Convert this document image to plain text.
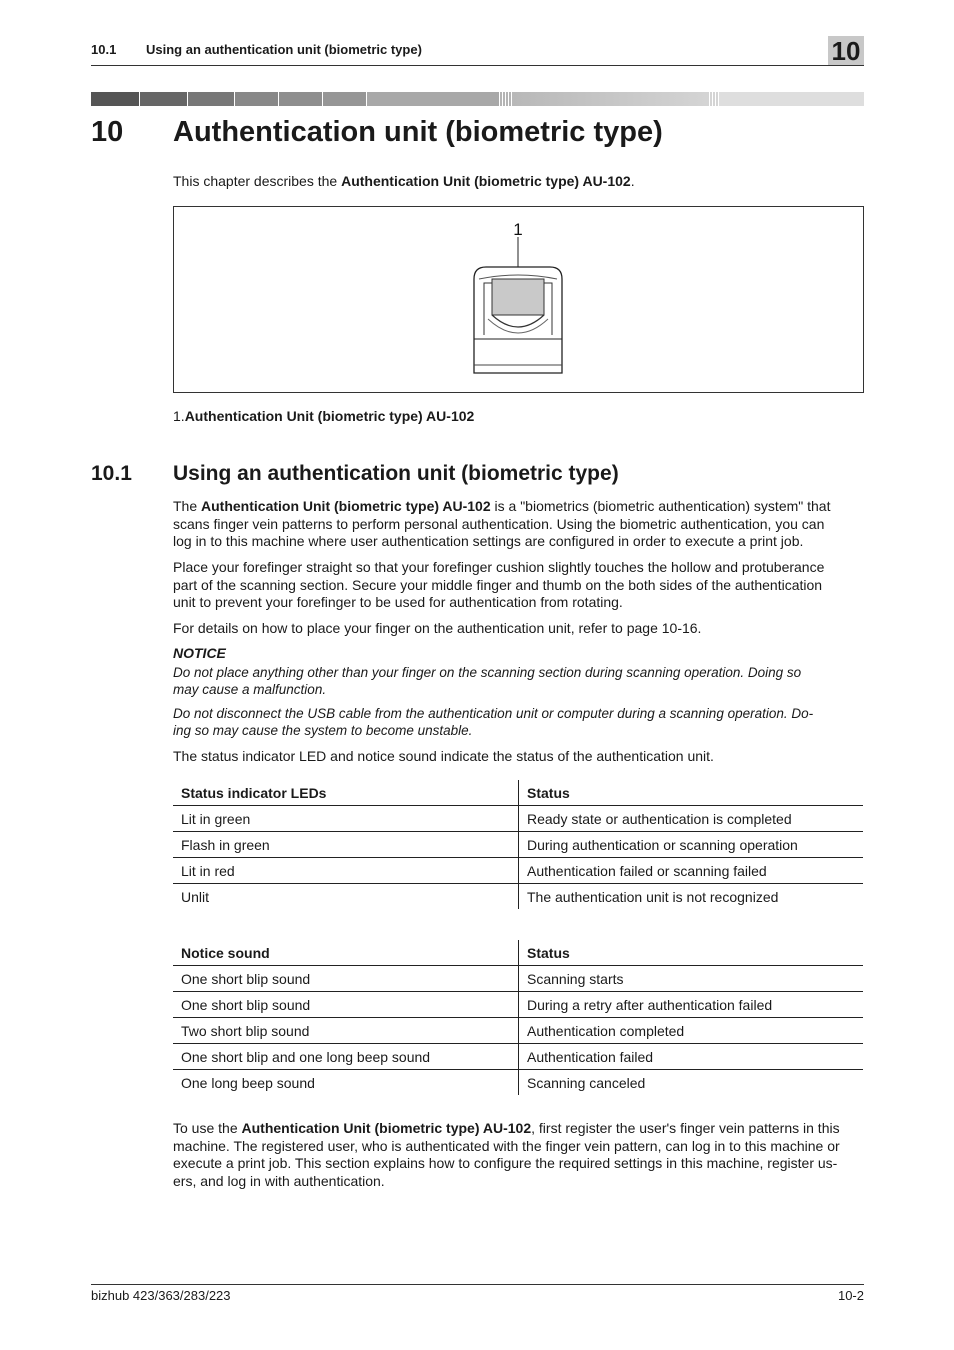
10.1 Using an authentication unit (biometric type)	10
10 Authentication unit (biometric type)
This chapter describes the Authentication Unit (biometric type) AU-102.
1
1.Authentication Unit (biometric type) AU-102
10.1 Using an authentication unit (biometric type)
The Authentication Unit (biometric type) AU-102 is a "biometrics (biometric authentication) system" that
scans finger vein patterns to perform personal authentication. Using the biometric authentication, you can
log in to this machine where user authentication settings are configured in order to execute a print job.
Place your forefinger straight so that your forefinger cushion slightly touches the hollow and protuberance
part of the scanning section. Secure your middle finger and thumb on the both sides of the authentication
unit to prevent your forefinger to be used for authentication from rotating.
For details on how to place your finger on the authentication unit, refer to page 10-16.
NOTICE
Do not place anything other than your finger on the scanning section during scanning operation. Doing so
may cause a malfunction.
Do not disconnect the USB cable from the authentication unit or computer during a scanning operation. Do-
ing so may cause the system to become unstable.
The status indicator LED and notice sound indicate the status of the authentication unit.
Status indicator LEDs	Status
Lit in green	Ready state or authentication is completed
Flash in green	During authentication or scanning operation
Lit in red	Authentication failed or scanning failed
Unlit	The authentication unit is not recognized
Notice sound	Status
One short blip sound	Scanning starts
One short blip sound	During a retry after authentication failed
Two short blip sound	Authentication completed
One short blip and one long beep sound	Authentication failed
One long beep sound	Scanning canceled
To use the Authentication Unit (biometric type) AU-102, first register the user's finger vein patterns in this
machine. The registered user, who is authenticated with the finger vein pattern, can log in to this machine or
execute a print job. This section explains how to configure the required settings in this machine, register us-
ers, and log in with authentication.
bizhub 423/363/283/223	10-2
